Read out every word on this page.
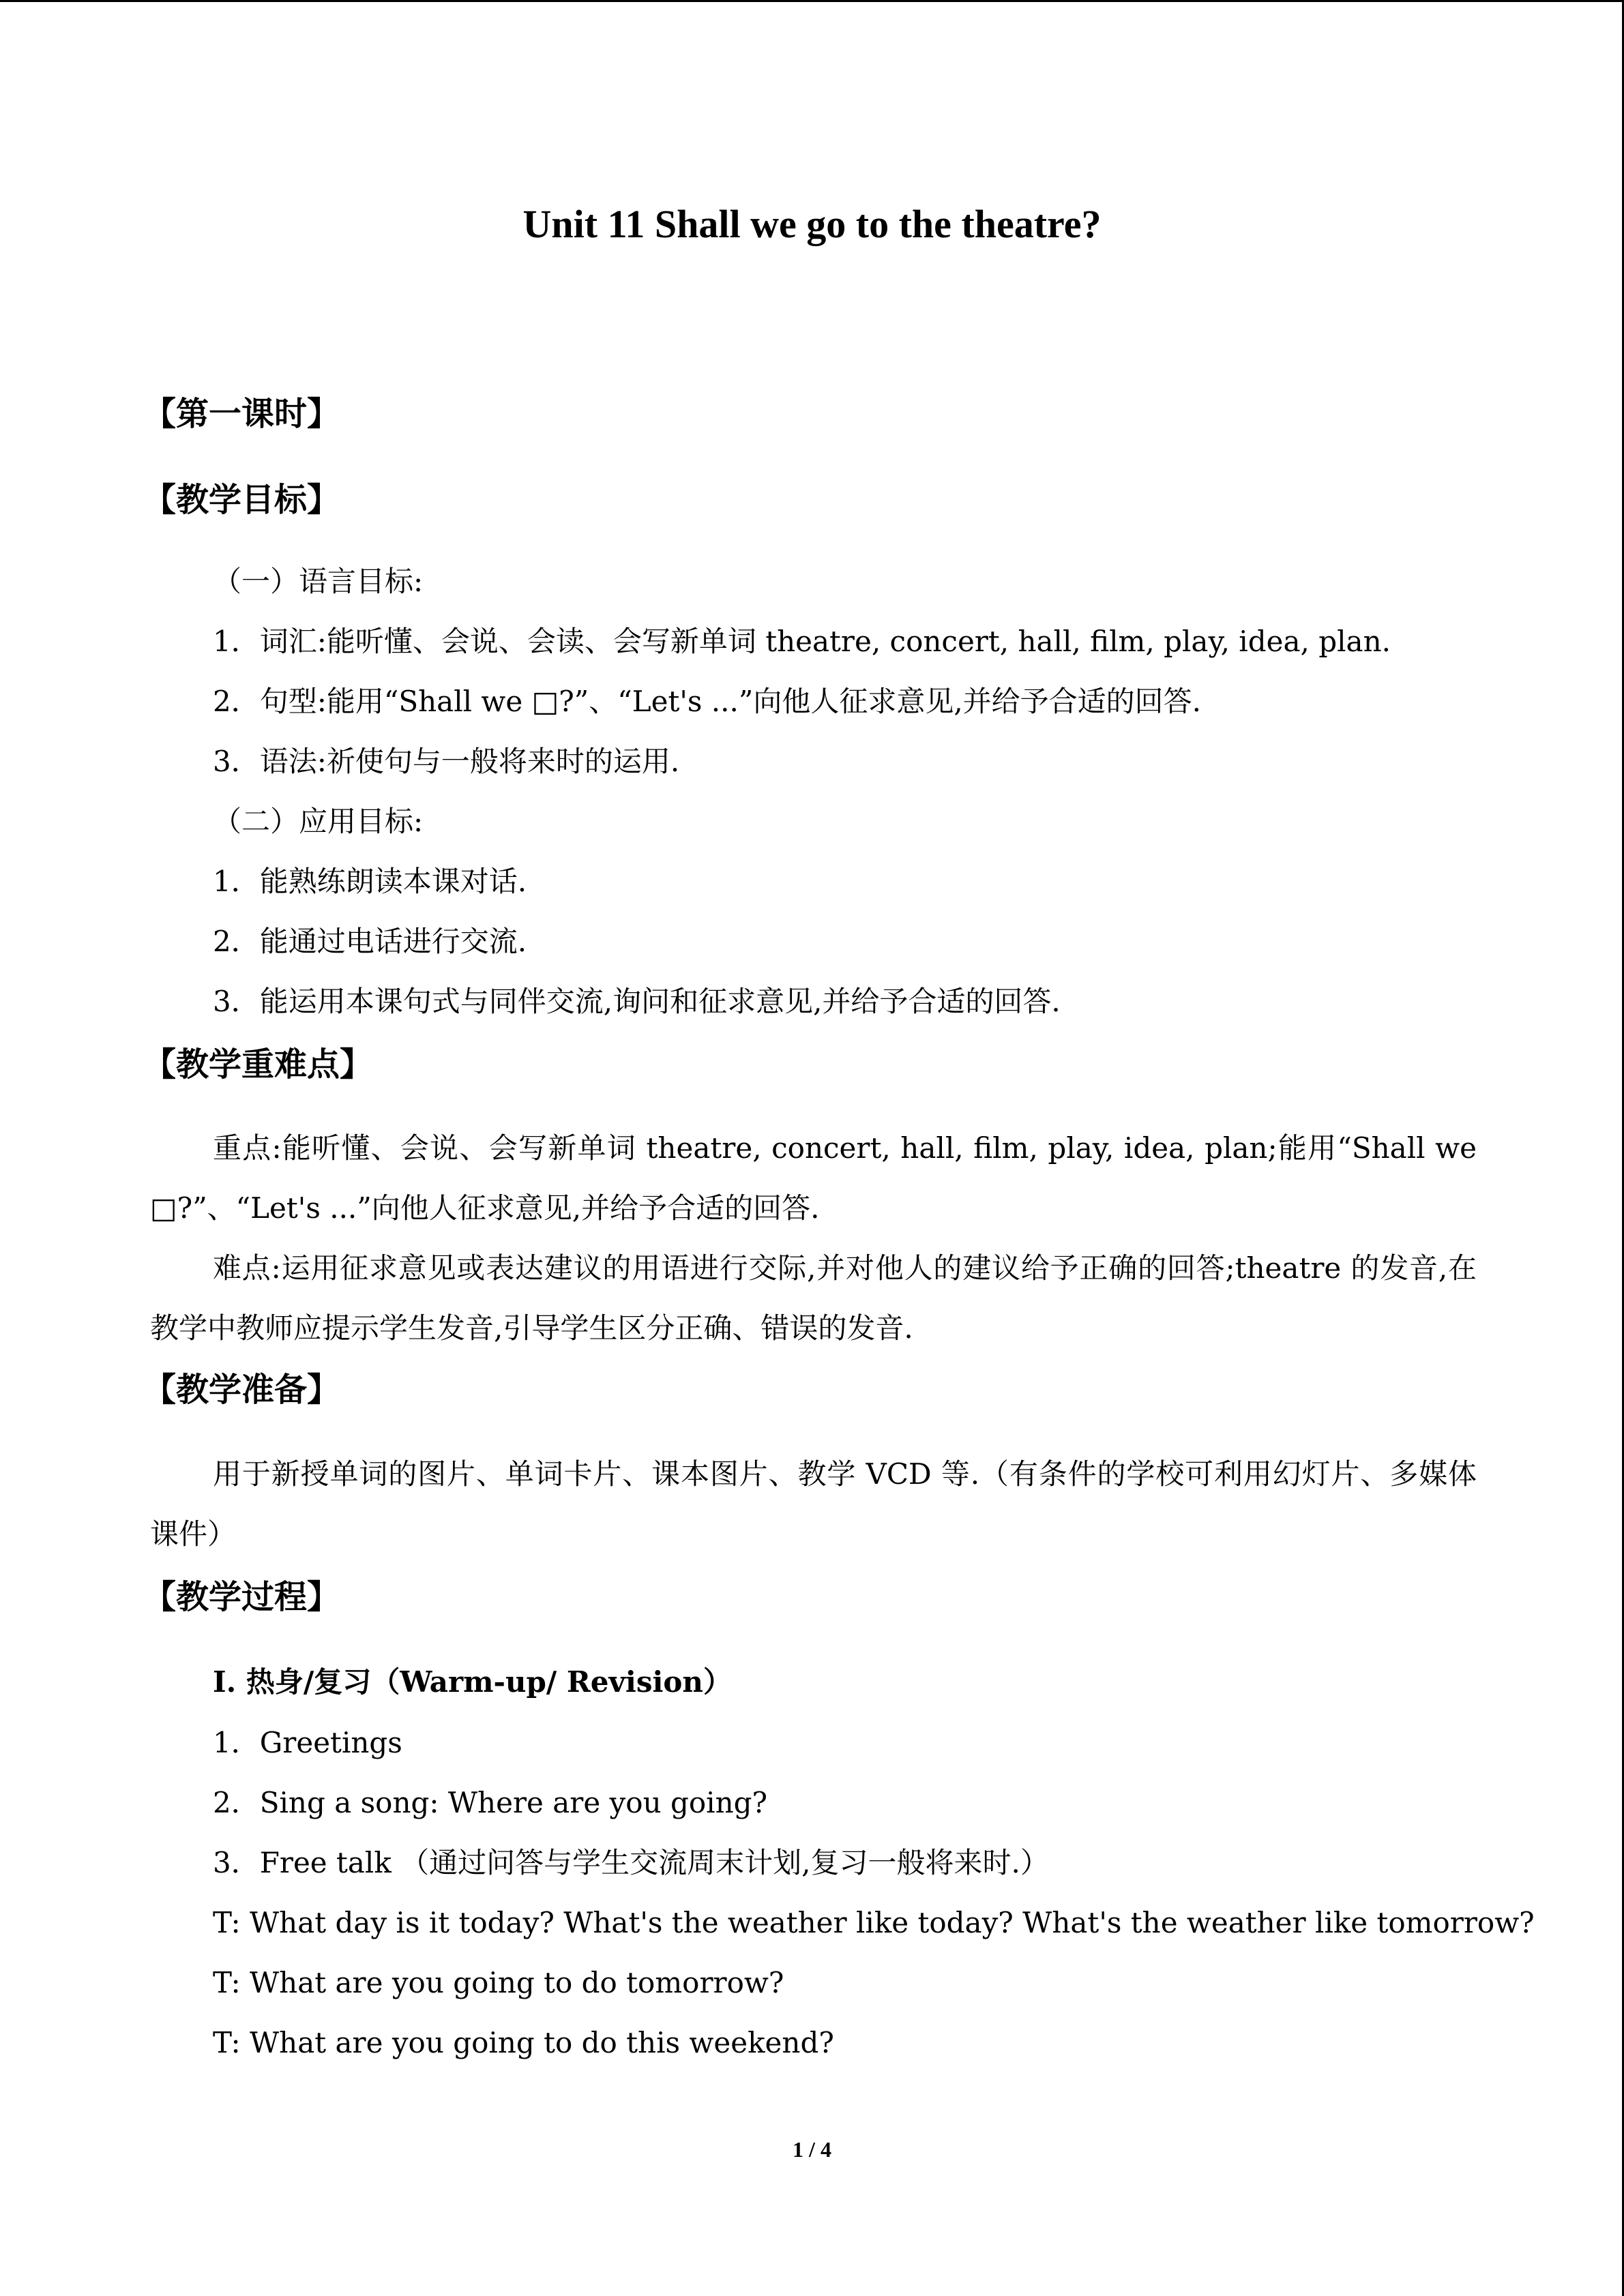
Unit 11 Shall we go to the theatre?
【第一课时】
【教学目标】
（一）语言目标:
1．词汇:能听懂、会说、会读、会写新单词 theatre, concert, hall, film, play, idea, plan.
2．句型:能用“Shall we □?”、“Let's ...”向他人征求意见,并给予合适的回答.
3．语法:祈使句与一般将来时的运用.
（二）应用目标:
1．能熟练朗读本课对话.
2．能通过电话进行交流.
3．能运用本课句式与同伴交流,询问和征求意见,并给予合适的回答.
【教学重难点】
重点:能听懂、会说、会写新单词 theatre, concert, hall, film, play, idea, plan;能用“Shall we □?”、“Let's ...”向他人征求意见,并给予合适的回答.
难点:运用征求意见或表达建议的用语进行交际,并对他人的建议给予正确的回答;theatre 的发音,在教学中教师应提示学生发音,引导学生区分正确、错误的发音.
【教学准备】
用于新授单词的图片、单词卡片、课本图片、教学 VCD 等.（有条件的学校可利用幻灯片、多媒体课件）
【教学过程】
I. 热身/复习（Warm-up/ Revision）
1．Greetings
2．Sing a song: Where are you going?
3．Free talk （通过问答与学生交流周末计划,复习一般将来时.）
T: What day is it today? What's the weather like today? What's the weather like tomorrow?
T: What are you going to do tomorrow?
T: What are you going to do this weekend?
1 / 4
